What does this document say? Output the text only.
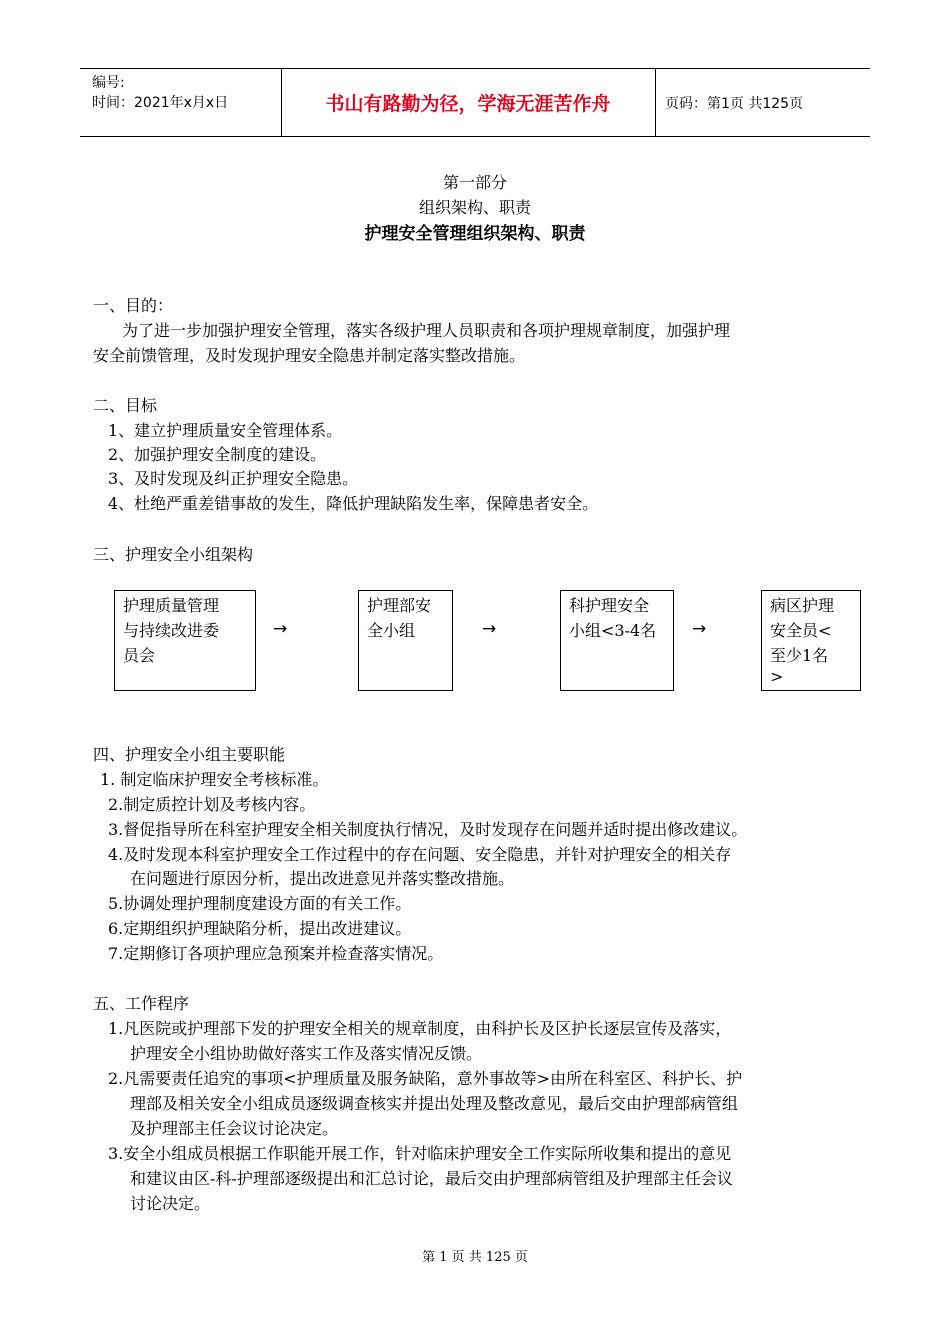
编号:
时间：2021年x月x日	书山有路勤为径，学海无涯苦作舟	页码：第1页 共125页
第一部分
组织架构、职责
护理安全管理组织架构、职责
一、目的：
为了进一步加强护理安全管理，落实各级护理人员职责和各项护理规章制度，加强护理
安全前馈管理，及时发现护理安全隐患并制定落实整改措施。
二、目标
1、建立护理质量安全管理体系。
2、加强护理安全制度的建设。
3、及时发现及纠正护理安全隐患。
4、杜绝严重差错事故的发生，降低护理缺陷发生率，保障患者安全。
三、护理安全小组架构
护理质量管理
与持续改进委
员会
→
护理部安
全小组	→
科护理安全
小组<3-4名	→
病区护理
安全员<
至少1名
>
四、护理安全小组主要职能
1. 制定临床护理安全考核标准。
2.制定质控计划及考核内容。
3.督促指导所在科室护理安全相关制度执行情况，及时发现存在问题并适时提出修改建议。
4.及时发现本科室护理安全工作过程中的存在问题、安全隐患，并针对护理安全的相关存
在问题进行原因分析，提出改进意见并落实整改措施。
5.协调处理护理制度建设方面的有关工作。
6.定期组织护理缺陷分析，提出改进建议。
7.定期修订各项护理应急预案并检查落实情况。
五、工作程序
1.凡医院或护理部下发的护理安全相关的规章制度，由科护长及区护长逐层宣传及落实，
护理安全小组协助做好落实工作及落实情况反馈。
2.凡需要责任追究的事项<护理质量及服务缺陷，意外事故等>由所在科室区、科护长、护
理部及相关安全小组成员逐级调查核实并提出处理及整改意见，最后交由护理部病管组
及护理部主任会议讨论决定。
3.安全小组成员根据工作职能开展工作，针对临床护理安全工作实际所收集和提出的意见
和建议由区-科-护理部逐级提出和汇总讨论，最后交由护理部病管组及护理部主任会议
讨论决定。
第 1 页 共 125 页
